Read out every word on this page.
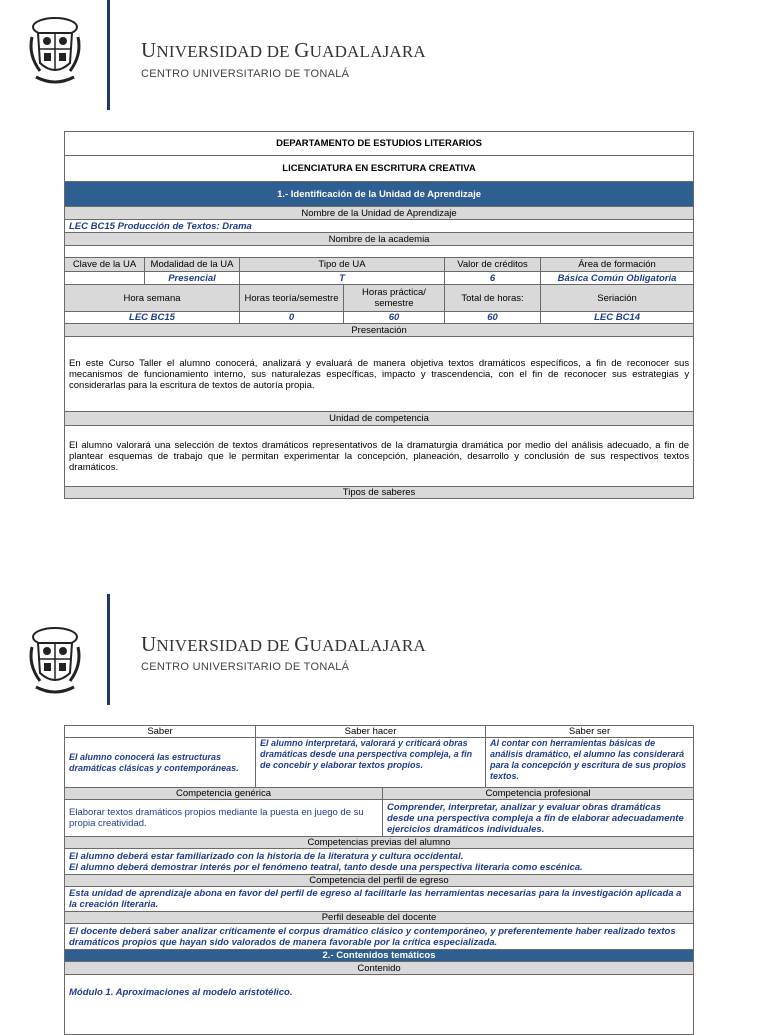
UNIVERSIDAD DE GUADALAJARA
CENTRO UNIVERSITARIO DE TONALÁ
DEPARTAMENTO DE ESTUDIOS LITERARIOS					
LICENCIATURA EN ESCRITURA CREATIVA					
1.- Identificación de la Unidad de Aprendizaje					
Nombre de la Unidad de Aprendizaje					
LEC BC15 Producción de Textos: Drama					
Nombre de la academia					

Clave de la UA	Modalidad de la UA	Tipo de UA		Valor de créditos	Área de formación
	Presencial	T		6	Básica Común Obligatoria
Hora semana		Horas teoría/semestre	Horas práctica/ semestre	Total de horas:	Seriación
LEC BC15		0	60	60	LEC BC14
Presentación					
En este Curso Taller el alumno conocerá, analizará y evaluará de manera objetiva textos dramáticos específicos, a fin de reconocer sus mecanismos de funcionamiento interno, sus naturalezas específicas, impacto y trascendencia, con el fin de reconocer sus estrategias y considerarlas para la escritura de textos de autoría propia.					
Unidad de competencia					
El alumno valorará una selección de textos dramáticos representativos de la dramaturgia dramática por medio del análisis adecuado, a fin de plantear esquemas de trabajo que le permitan experimentar la concepción, planeación, desarrollo y conclusión de sus respectivos textos dramáticos.					
Tipos de saberes					
UNIVERSIDAD DE GUADALAJARA
CENTRO UNIVERSITARIO DE TONALÁ
Saber	Saber hacer		Saber ser
El alumno conocerá las estructuras dramáticas clásicas y contemporáneas.	El alumno interpretará, valorará y criticará obras dramáticas desde una perspectiva compleja, a fin de concebir y elaborar textos propios.		Al contar con herramientas básicas de análisis dramático, el alumno las considerará para la concepción y escritura de sus propios textos.
Competencia genérica		Competencia profesional	
Elaborar textos dramáticos propios mediante la puesta en juego de su propia creatividad.		Comprender, interpretar, analizar y evaluar obras dramáticas desde una perspectiva compleja a fin de elaborar adecuadamente ejercicios dramáticos individuales.	
Competencias previas del alumno			

El alumno deberá estar familiarizado con la historia de la literatura y cultura occidental.
El alumno deberá demostrar interés por el fenómeno teatral, tanto desde una perspectiva literaria como escénica.			

Competencia del perfil de egreso			
Esta unidad de aprendizaje abona en favor del perfil de egreso al facilitarle las herramientas necesarias para la investigación aplicada a la creación literaria.			
Perfil deseable del docente			
El docente deberá saber analizar críticamente el corpus dramático clásico y contemporáneo, y preferentemente haber realizado textos dramáticos propios que hayan sido valorados de manera favorable por la crítica especializada.			
2.- Contenidos temáticos			
Contenido			
Módulo 1. Aproximaciones al modelo aristotélico.			
